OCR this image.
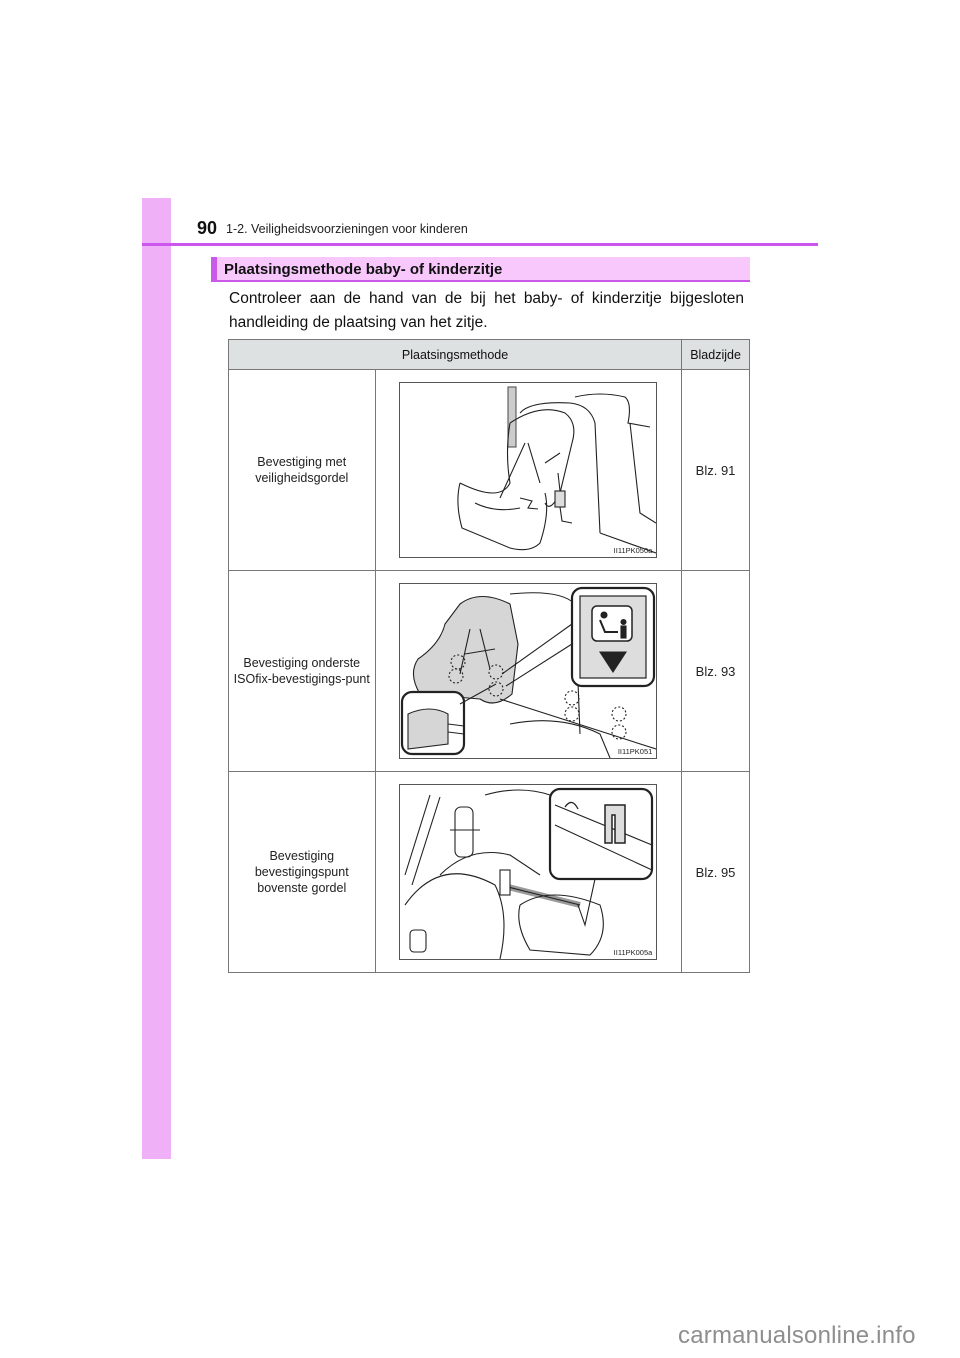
90 1-2. Veiligheidsvoorzieningen voor kinderen
Plaatsingsmethode baby- of kinderzitje
Controleer aan de hand van de bij het baby- of kinderzitje bijgesloten handleiding de plaatsing van het zitje.
Plaatsingsmethode		Bladzijde
Bevestiging met veiligheidsgordel	II11PK050a	Blz. 91
Bevestiging onderste ISOfix-bevestigings-punt	II11PK051	Blz. 93
Bevestiging bevestigingspunt bovenste gordel	II11PK005a	Blz. 95
carmanualsonline.info
